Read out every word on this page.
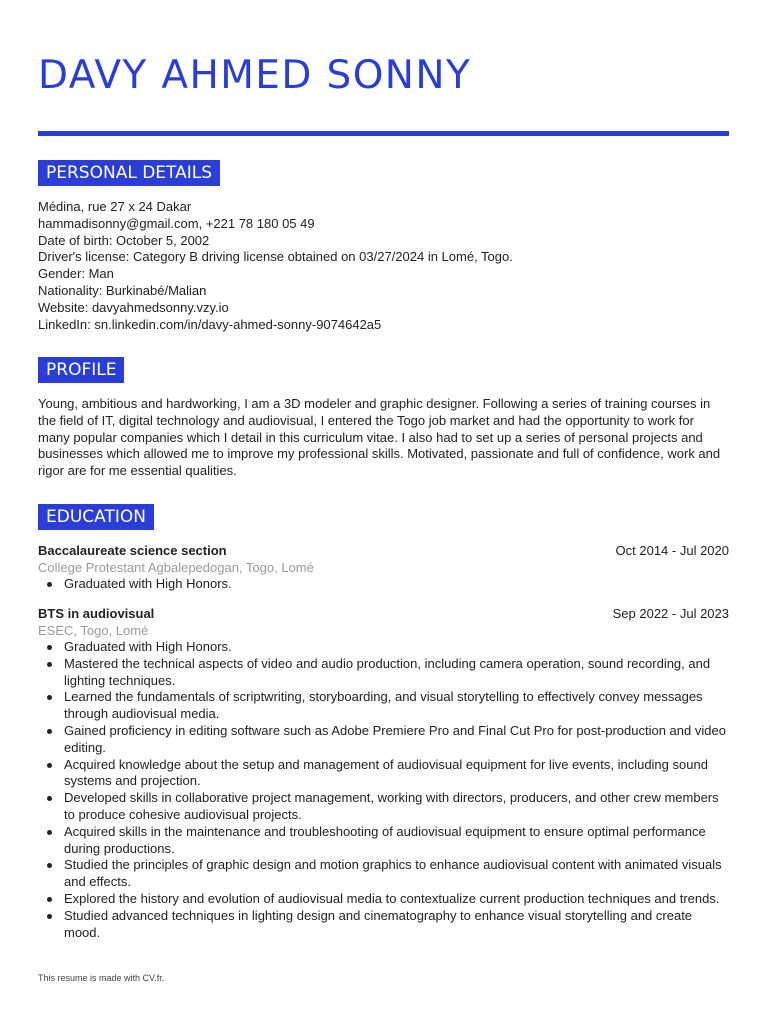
DAVY AHMED SONNY
PERSONAL DETAILS

Médina, rue 27 x 24 Dakar

hammadisonny@gmail.com, +221 78 180 05 49

Date of birth: October 5, 2002

Driver's license: Category B driving license obtained on 03/27/2024 in Lomé, Togo.

Gender: Man

Nationality: Burkinabé/Malian

Website: davyahmedsonny.vzy.io

LinkedIn: sn.linkedin.com/in/davy-ahmed-sonny-9074642a5

PROFILE

Young, ambitious and hardworking, I am a 3D modeler and graphic designer. Following a series of training courses in the field of IT, digital technology and audiovisual, I entered the Togo job market and had the opportunity to work for many popular companies which I detail in this curriculum vitae. I also had to set up a series of personal projects and businesses which allowed me to improve my professional skills. Motivated, passionate and full of confidence, work and rigor are for me essential qualities.

EDUCATION
Baccalaureate science section	Oct 2014 - Jul 2020
College Protestant Agbalepedogan, Togo, Lomé
Graduated with High Honors.
BTS in audiovisual	Sep 2022 - Jul 2023
ESEC, Togo, Lomé
Graduated with High Honors.
Mastered the technical aspects of video and audio production, including camera operation, sound recording, and lighting techniques.
Learned the fundamentals of scriptwriting, storyboarding, and visual storytelling to effectively convey messages through audiovisual media.
Gained proficiency in editing software such as Adobe Premiere Pro and Final Cut Pro for post-production and video editing.
Acquired knowledge about the setup and management of audiovisual equipment for live events, including sound systems and projection.
Developed skills in collaborative project management, working with directors, producers, and other crew members to produce cohesive audiovisual projects.
Acquired skills in the maintenance and troubleshooting of audiovisual equipment to ensure optimal performance during productions.
Studied the principles of graphic design and motion graphics to enhance audiovisual content with animated visuals and effects.
Explored the history and evolution of audiovisual media to contextualize current production techniques and trends.
Studied advanced techniques in lighting design and cinematography to enhance visual storytelling and create mood.
This resume is made with CV.fr.
